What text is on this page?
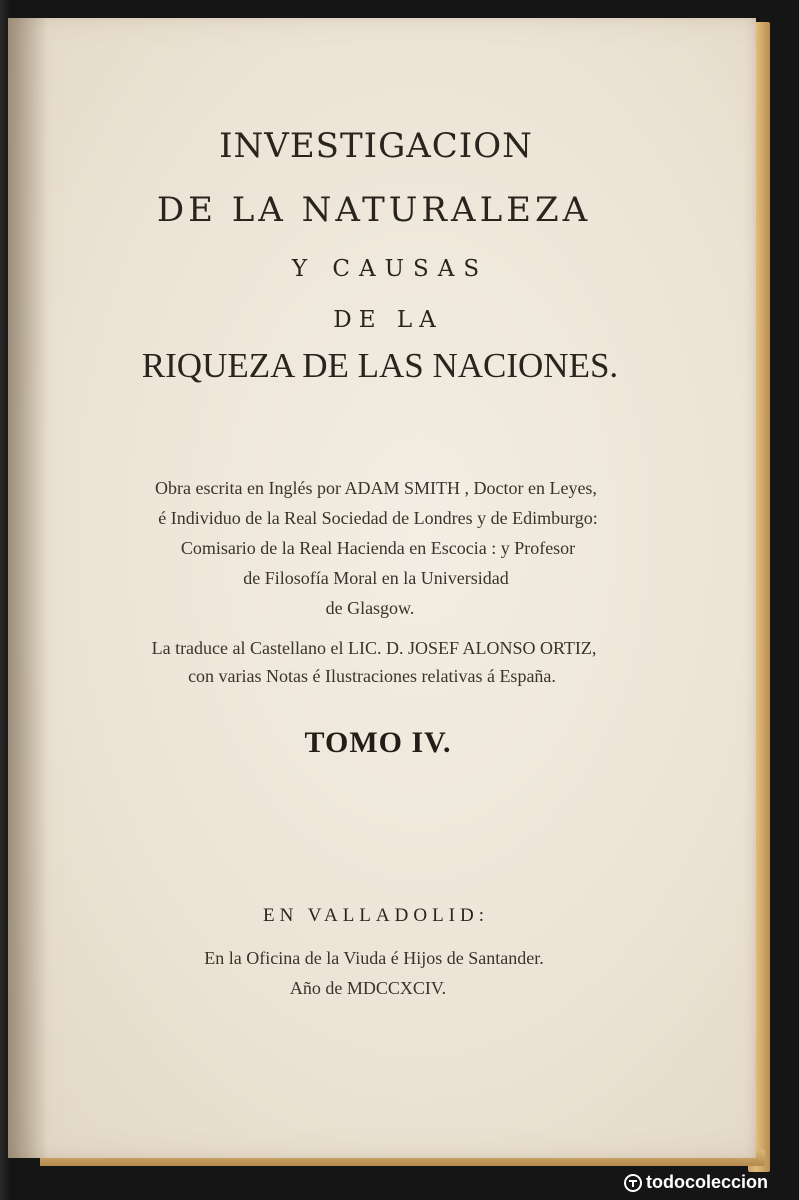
INVESTIGACION
DE LA NATURALEZA
Y CAUSAS
DE LA
RIQUEZA DE LAS NACIONES.
Obra escrita en Inglés por ADAM SMITH , Doctor en Leyes,
é Individuo de la Real Sociedad de Londres y de Edimburgo:
Comisario de la Real Hacienda en Escocia : y Profesor
de Filosofía Moral en la Universidad
de Glasgow.
La traduce al Castellano el LIC. D. JOSEF ALONSO ORTIZ,
con varias Notas é Ilustraciones relativas á España.
TOMO IV.
EN VALLADOLID:
En la Oficina de la Viuda é Hijos de Santander.
Año de MDCCXCIV.
todocoleccion
